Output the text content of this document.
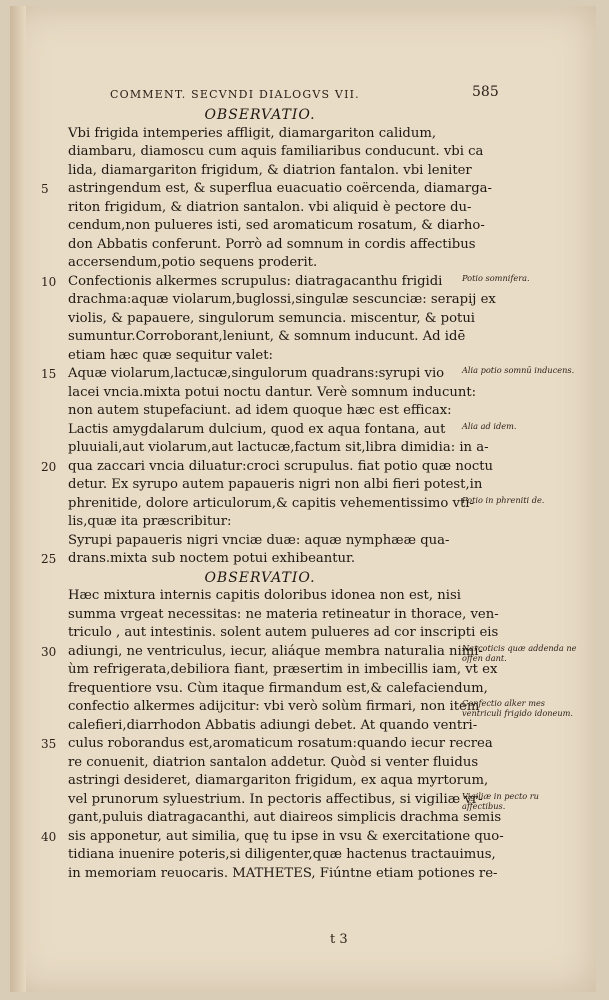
COMMENT. SECVNDI DIALOGVS VII.	585
OBSERVATIO.
Vbi frigida intemperies affligit, diamargariton calidum,
diambaru, diamoscu cum aquis familiaribus conducunt. vbi ca
lida, diamargariton frigidum, & diatrion fantalon. vbi leniter
astringendum est, & superflua euacuatio coërcenda, diamarga-
5
riton frigidum, & diatrion santalon. vbi aliquid è pectore du-
cendum,non pulueres isti, sed aromaticum rosatum, & diarho-
don Abbatis conferunt. Porrò ad somnum in cordis affectibus
accersendum,potio sequens proderit.
Confectionis alkermes scrupulus: diatragacanthu frigidi
10
drachma:aquæ violarum,buglossi,singulæ sescunciæ: serapij ex
violis, & papauere, singulorum semuncia. miscentur, & potui
sumuntur.Corroborant,leniunt, & somnum inducunt. Ad idē
etiam hæc quæ sequitur valet:
Aquæ violarum,lactucæ,singulorum quadrans:syrupi vio
15
lacei vncia.mixta potui noctu dantur. Verè somnum inducunt:
non autem stupefaciunt. ad idem quoque hæc est efficax:
Lactis amygdalarum dulcium, quod ex aqua fontana, aut
pluuiali,aut violarum,aut lactucæ,factum sit,libra dimidia: in a-
qua zaccari vncia diluatur:croci scrupulus. fiat potio quæ noctu
20
detur. Ex syrupo autem papaueris nigri non albi fieri potest,in
phrenitide, dolore articulorum,& capitis vehementissimo vti-
lis,quæ ita præscribitur:
Syrupi papaueris nigri vnciæ duæ: aquæ nymphææ qua-
drans.mixta sub noctem potui exhibeantur.
25
OBSERVATIO.
Hæc mixtura internis capitis doloribus idonea non est, nisi
summa vrgeat necessitas: ne materia retineatur in thorace, ven-
triculo , aut intestinis. solent autem pulueres ad cor inscripti eis
adiungi, ne ventriculus, iecur, aliáque membra naturalia nimi-
30
ùm refrigerata,debiliora fiant, præsertim in imbecillis iam, vt ex
frequentiore vsu. Cùm itaque firmandum est,& calefaciendum,
confectio alkermes adijcitur: vbi verò solùm firmari, non item
calefieri,diarrhodon Abbatis adiungi debet. At quando ventri-
culus roborandus est,aromaticum rosatum:quando iecur recrea
35
re conuenit, diatrion santalon addetur. Quòd si venter fluidus
astringi desideret, diamargariton frigidum, ex aqua myrtorum,
vel prunorum syluestrium. In pectoris affectibus, si vigiliæ vr-
gant,puluis diatragacanthi, aut diaireos simplicis drachma semis
sis apponetur, aut similia, quę tu ipse in vsu & exercitatione quo-
40
tidiana inuenire poteris,si diligenter,quæ hactenus tractauimus,
in memoriam reuocaris. MATHETES, Fiúntne etiam potiones re-
Potio somnifera.
Alia potio somnū inducens.
Alia ad idem.
Potio in phreniti de.
Narcoticis quæ addenda ne offen dant.
Confectio alker mes ventriculi frigido idoneum.
Vigiliæ in pecto ru affectibus.
t 3
